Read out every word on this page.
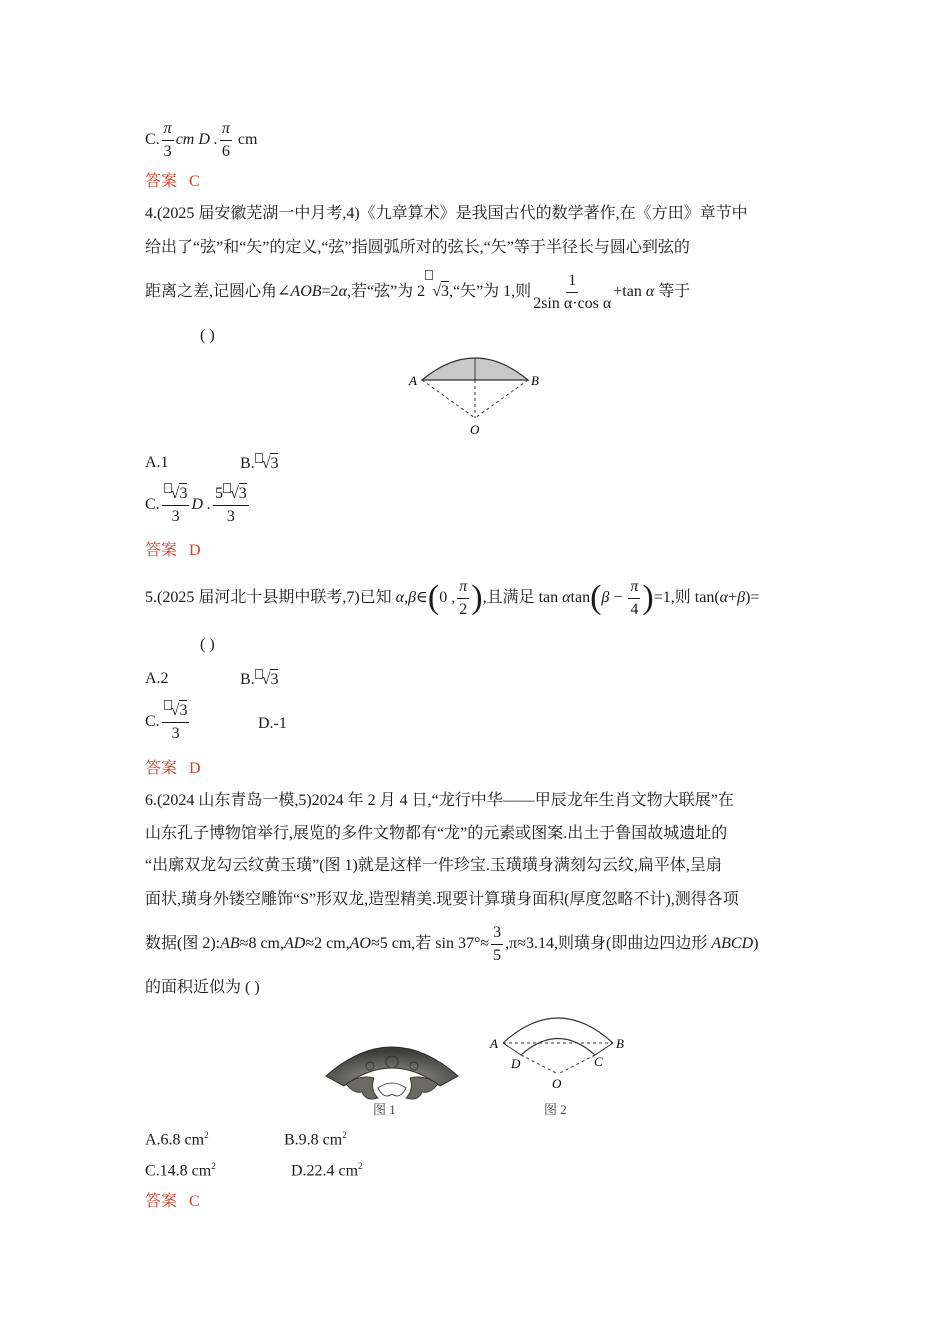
C. $\frac{\pi}{3}$ cm D . $\frac{\pi}{6}$ cm
答案 C
4.(2025 届安徽芜湖一中月考,4)《九章算术》是我国古代的数学著作,在《方田》章节中
给出了“弦”和“矢”的定义,“弦”指圆弧所对的弦长,“矢”等于半径长与圆心到弦的
距离之差,记圆心角∠AOB=2α,若“弦”为 2 √3,“矢”为 1,则 $\frac{1}{\text{2sin α·cos α}} +\tan$ α 等于
( )
A	B
O
A.1	B. √3
C. $\frac{√3}{3}$ D . $\frac{5 √3}{3}$
答案 D
5.(2025 届河北十县期中联考,7)已知 α,β∈(0 , $\frac{\pi}{2}$ ),且满足 $\tan \alpha\tan(\beta - \frac{\pi}{4} )=1$,则 tan(α+β)=
( )
A.2	B. √3
C. $\frac{√3}{3}$	D.-1
答案 D
6.(2024 山东青岛一模,5)2024 年 2 月 4 日,“龙行中华——甲辰龙年生肖文物大联展”在
山东孔子博物馆举行,展览的多件文物都有“龙”的元素或图案.出土于鲁国故城遗址的
“出廓双龙勾云纹黄玉璜”(图 1)就是这样一件珍宝.玉璜璜身满刻勾云纹,扁平体,呈扇
面状,璜身外镂空雕饰“S”形双龙,造型精美.现要计算璜身面积(厚度忽略不计),测得各项
数据(图 2):AB≈8 cm,AD≈2 cm,AO≈5 cm,若 $\sin 37^\circ\approx \frac{3}{5} ,\pi\approx 3.14$,则璜身(即曲边四边形 ABCD)
的面积近似为 ( )
图 1
A	B
D	C
O
图 2
A.6.8 $cm^2$	B.9.8 $cm^2$
C.14.8 $cm^2$	D.22.4 $cm^2$
答案 C
